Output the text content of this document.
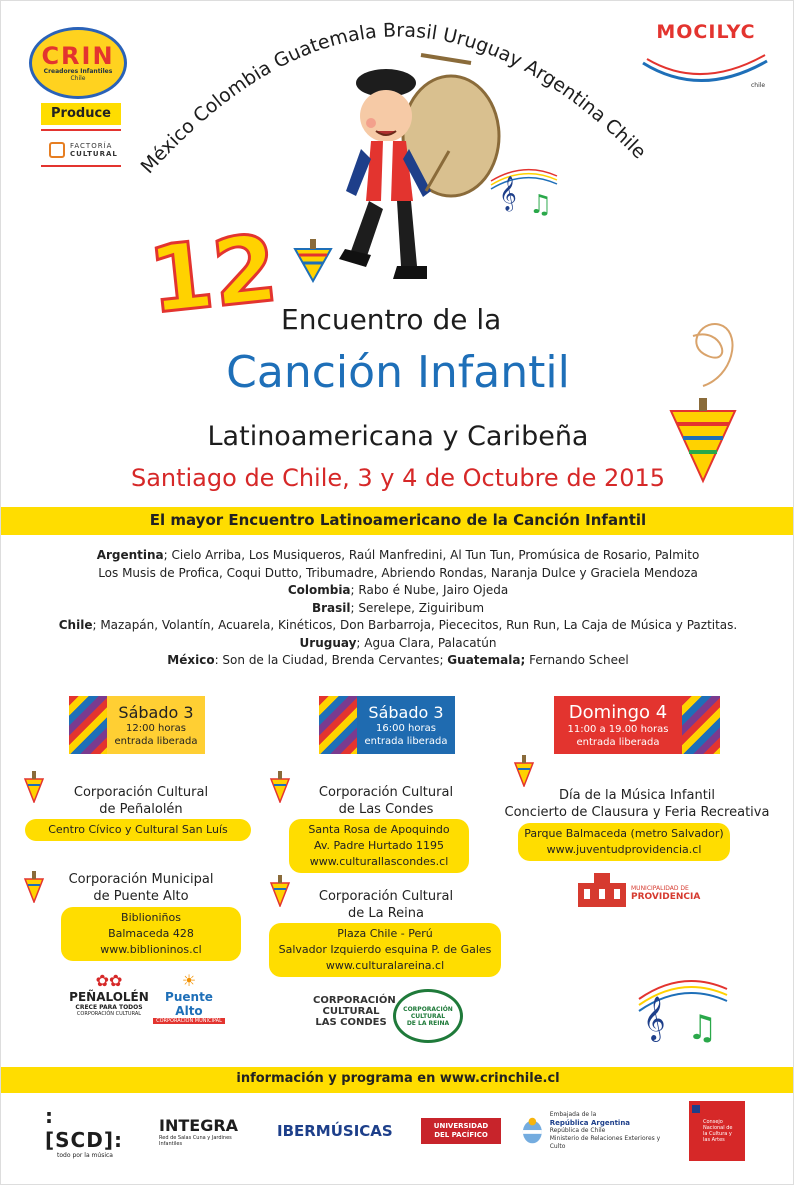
CRIN
Creadores Infantiles
Chile
Produce
FACTORÍA
CULTURAL México Colombia Guatemala Brasil Uruguay Argentina Chile
MOCILYC
chile
𝄞 ♫
12
Encuentro de la
Canción Infantil
Latinoamericana y Caribeña
Santiago de Chile, 3 y 4 de Octubre de 2015
El mayor Encuentro Latinoamericano de la Canción Infantil
Argentina; Cielo Arriba, Los Musiqueros, Raúl Manfredini, Al Tun Tun, Promúsica de Rosario, Palmito
Los Musis de Profica, Coqui Dutto, Tribumadre, Abriendo Rondas, Naranja Dulce y Graciela Mendoza
Colombia; Rabo é Nube, Jairo Ojeda
Brasil; Serelepe, Ziguiribum
Chile; Mazapán, Volantín, Acuarela, Kinéticos, Don Barbarroja, Piececitos, Run Run, La Caja de Música y Paztitas.
Uruguay; Agua Clara, Palacatún
México: Son de la Ciudad, Brenda Cervantes; Guatemala; Fernando Scheel
Sábado 3
12:00 horas
entrada liberada
Sábado 3
16:00 horas
entrada liberada
Domingo 4
11:00 a 19.00 horas
entrada liberada
Corporación Cultural
de Peñalolén
Centro Cívico y Cultural San Luís
Corporación Municipal
de Puente Alto
Biblioniños
Balmaceda 428
www.biblioninos.cl
Corporación Cultural
de Las Condes
Santa Rosa de Apoquindo
Av. Padre Hurtado 1195
www.culturallascondes.cl
Corporación Cultural
de La Reina
Plaza Chile - Perú
Salvador Izquierdo esquina P. de Gales
www.culturalareina.cl
Día de la Música Infantil
Concierto de Clausura y Feria Recreativa
Parque Balmaceda (metro Salvador)
www.juventudprovidencia.cl
MUNICIPALIDAD DE
PROVIDENCIA
✿✿
PEÑALOLÉN
CRECE PARA TODOS
CORPORACIÓN CULTURAL
☀
Puente Alto
CORPORACIÓN MUNICIPAL
CORPORACIÓN
CULTURAL
LAS CONDES
CORPORACIÓN
CULTURAL
DE LA REINA	𝄞 ♫
información y programa en www.crinchile.cl
:[SCD]:
todo por la música
INTEGRA
Red de Salas Cuna y Jardines Infantiles
IBERMÚSICAS	UNIVERSIDAD
DEL PACÍFICO
Embajada de la
República Argentina
República de Chile
Ministerio de Relaciones Exteriores y Culto
Consejo
Nacional de
la Cultura y
las Artes
